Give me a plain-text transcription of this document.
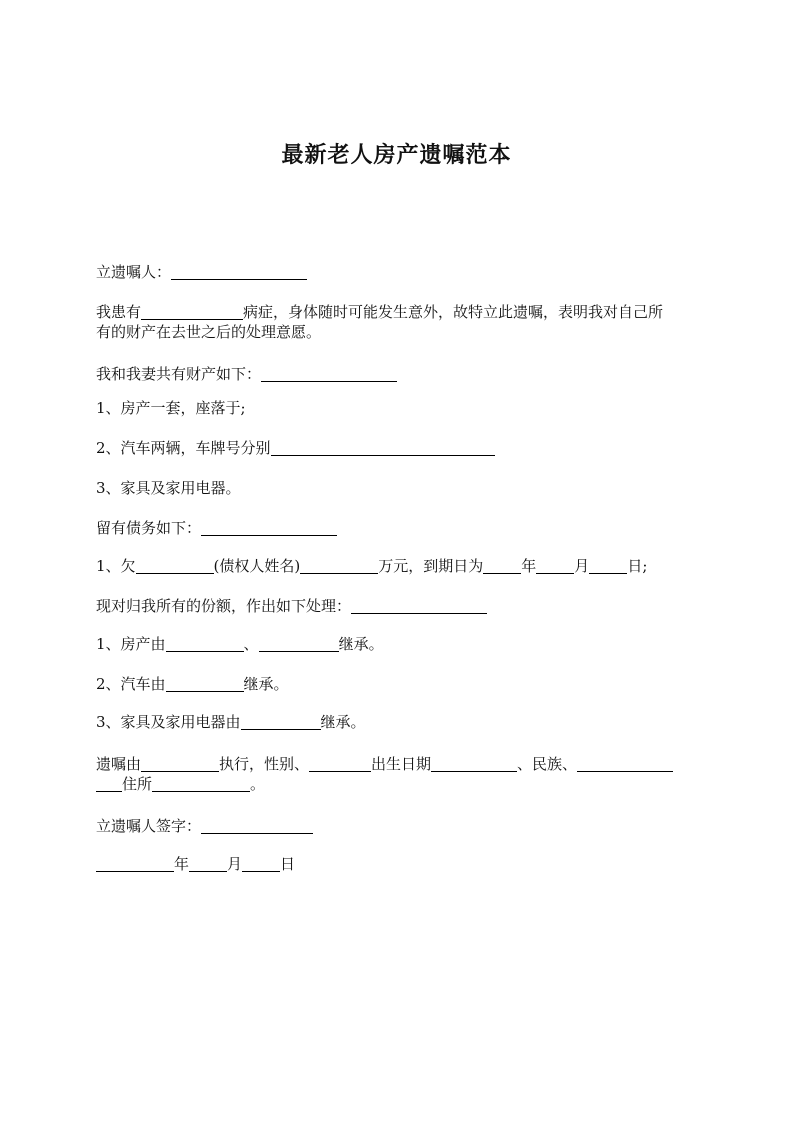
最新老人房产遗嘱范本
立遗嘱人：
我患有	病症，身体随时可能发生意外，故特立此遗嘱，表明我对自己所
有的财产在去世之后的处理意愿。
我和我妻共有财产如下：
1、房产一套，座落于;
2、汽车两辆，车牌号分别
3、家具及家用电器。
留有债务如下：
1、欠	(债权人姓名)	万元，到期日为	年	月	日;
现对归我所有的份额，作出如下处理：
1、房产由	、	继承。
2、汽车由	继承。
3、家具及家用电器由	继承。
遗嘱由	执行，性别、	出生日期	、民族、
住所	。
立遗嘱人签字：
年	月	日
